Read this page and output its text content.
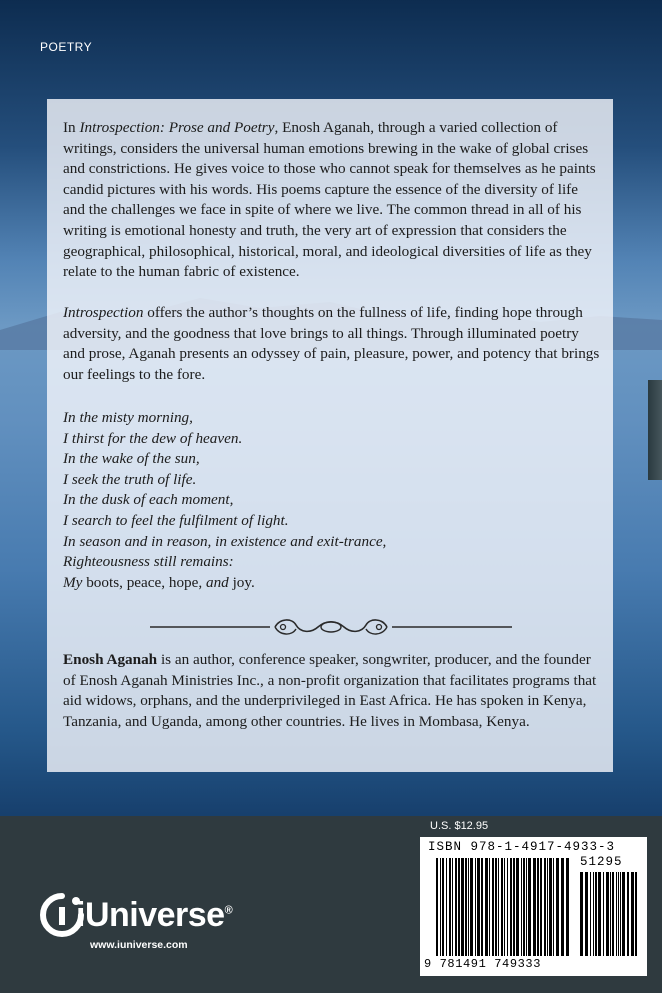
POETRY

In Introspection: Prose and Poetry, Enosh Aganah, through a varied collection of writings, considers the universal human emotions brewing in the wake of global crises and constrictions. He gives voice to those who cannot speak for themselves as he paints candid pictures with his words. His poems capture the essence of the diversity of life and the challenges we face in spite of where we live. The common thread in all of his writing is emotional honesty and truth, the very art of expression that considers the geographical, philosophical, historical, moral, and ideological diversities of life as they relate to the human fabric of existence.

Introspection offers the author’s thoughts on the fullness of life, finding hope through adversity, and the goodness that love brings to all things. Through illuminated poetry and prose, Aganah presents an odyssey of pain, pleasure, power, and potency that brings our feelings to the fore.

In the misty morning,
I thirst for the dew of heaven.
In the wake of the sun,
I seek the truth of life.
In the dusk of each moment,
I search to feel the fulfilment of light.
In season and in reason, in existence and exit-trance,
Righteousness still remains:
My boots, peace, hope, and joy.

Enosh Aganah is an author, conference speaker, songwriter, producer, and the founder of Enosh Aganah Ministries Inc., a non-profit organization that facilitates programs that aid widows, orphans, and the underprivileged in East Africa. He has spoken in Kenya, Tanzania, and Uganda, among other countries. He lives in Mombasa, Kenya.

iUniverse®
www.iuniverse.com
U.S. $12.95
ISBN 978-1-4917-4933-3
51295
9 781491 749333
